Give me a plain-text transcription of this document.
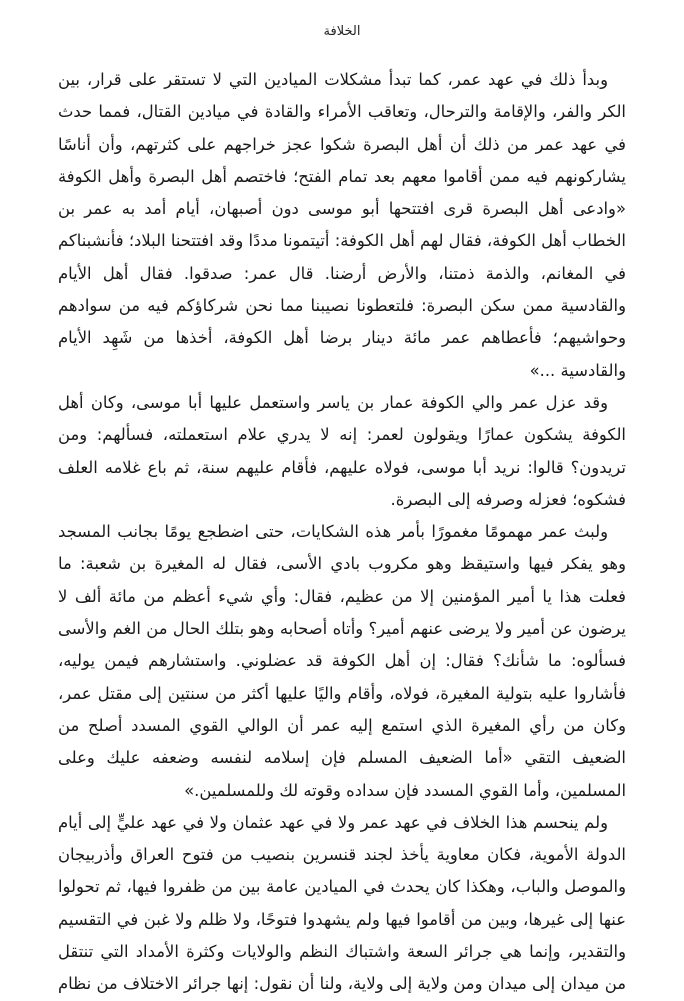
الخلافة

وبدأ ذلك في عهد عمر، كما تبدأ مشكلات الميادين التي لا تستقر على قرار، بين الكر والفر، والإقامة والترحال، وتعاقب الأمراء والقادة في ميادين القتال، فمما حدث في عهد عمر من ذلك أن أهل البصرة شكوا عجز خراجهم على كثرتهم، وأن أناسًا يشاركونهم فيه ممن أقاموا معهم بعد تمام الفتح؛ فاختصم أهل البصرة وأهل الكوفة «وادعى أهل البصرة قرى افتتحها أبو موسى دون أصبهان، أيام أمد به عمر بن الخطاب أهل الكوفة، فقال لهم أهل الكوفة: أتيتمونا مددًا وقد افتتحنا البلاد؛ فأنشبناكم في المغانم، والذمة ذمتنا، والأرض أرضنا. قال عمر: صدقوا. فقال أهل الأيام والقادسية ممن سكن البصرة: فلتعطونا نصيبنا مما نحن شركاؤكم فيه من سوادهم وحواشيهم؛ فأعطاهم عمر مائة دينار برضا أهل الكوفة، أخذها من شَهِد الأيام والقادسية ...»

وقد عزل عمر والي الكوفة عمار بن ياسر واستعمل عليها أبا موسى، وكان أهل الكوفة يشكون عمارًا ويقولون لعمر: إنه لا يدري علام استعملته، فسألهم: ومن تريدون؟ قالوا: نريد أبا موسى، فولاه عليهم، فأقام عليهم سنة، ثم باع غلامه العلف فشكوه؛ فعزله وصرفه إلى البصرة.

ولبث عمر مهمومًا مغمورًا بأمر هذه الشكايات، حتى اضطجع يومًا بجانب المسجد وهو يفكر فيها واستيقظ وهو مكروب بادي الأسى، فقال له المغيرة بن شعبة: ما فعلت هذا يا أمير المؤمنين إلا من عظيم، فقال: وأي شيء أعظم من مائة ألف لا يرضون عن أمير ولا يرضى عنهم أمير؟ وأتاه أصحابه وهو بتلك الحال من الغم والأسى فسألوه: ما شأنك؟ فقال: إن أهل الكوفة قد عضلوني. واستشارهم فيمن يوليه، فأشاروا عليه بتولية المغيرة، فولاه، وأقام واليًا عليها أكثر من سنتين إلى مقتل عمر، وكان من رأي المغيرة الذي استمع إليه عمر أن الوالي القوي المسدد أصلح من الضعيف التقي «أما الضعيف المسلم فإن إسلامه لنفسه وضعفه عليك وعلى المسلمين، وأما القوي المسدد فإن سداده وقوته لك وللمسلمين.»

ولم ينحسم هذا الخلاف في عهد عمر ولا في عهد عثمان ولا في عهد عليٍّ إلى أيام الدولة الأموية، فكان معاوية يأخذ لجند قنسرين بنصيب من فتوح العراق وأذربيجان والموصل والباب، وهكذا كان يحدث في الميادين عامة بين من ظفروا فيها، ثم تحولوا عنها إلى غيرها، وبين من أقاموا فيها ولم يشهدوا فتوحًا، ولا ظلم ولا غبن في التقسيم والتقدير، وإنما هي جرائر السعة واشتباك النظم والولايات وكثرة الأمداد التي تنتقل من ميدان إلى ميدان ومن ولاية إلى ولاية، ولنا أن نقول: إنها جرائر الاختلاف من نظام
